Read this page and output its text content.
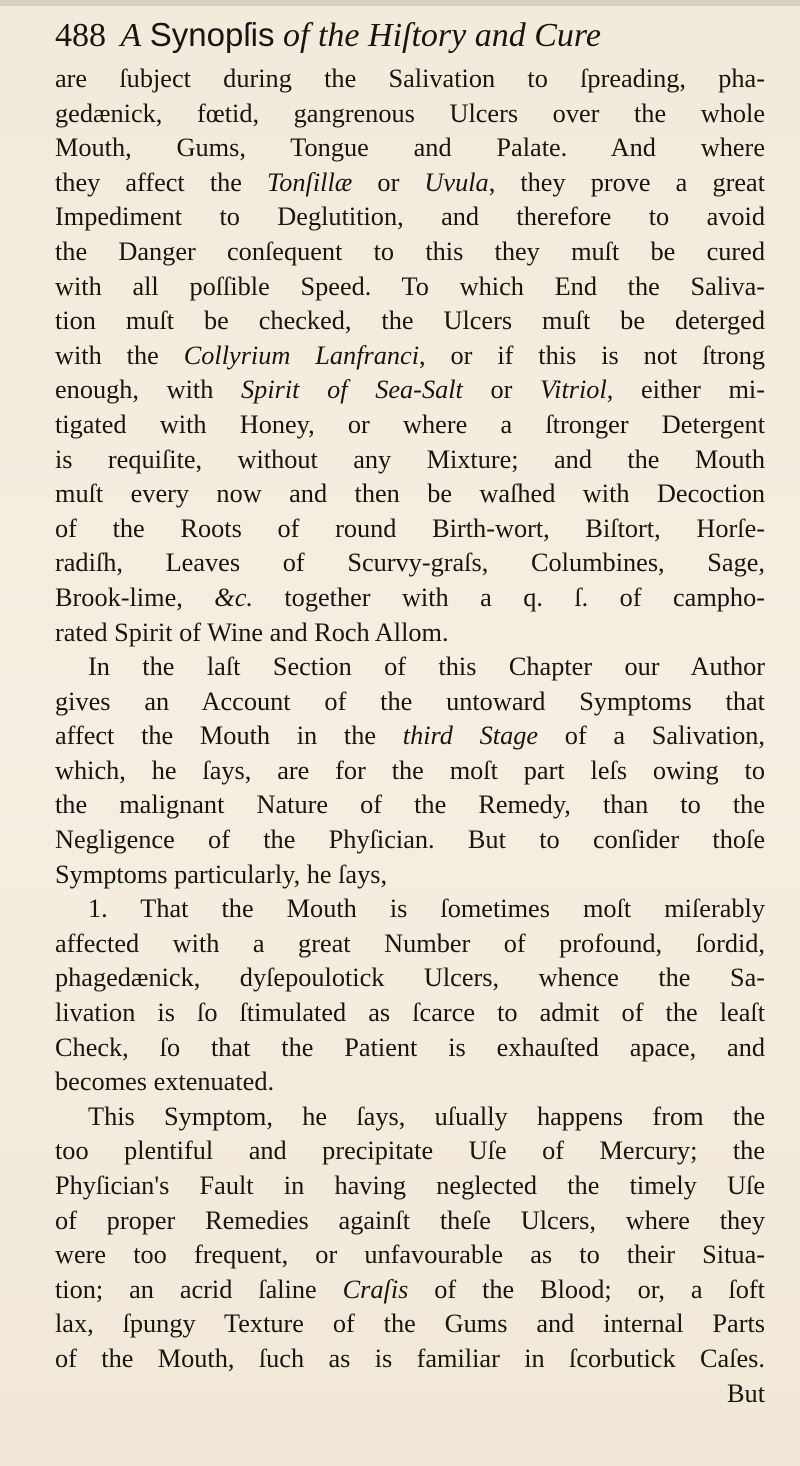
488 A Synopſis of the Hiſtory and Cure
are ſubject during the Salivation to ſpreading, pha-
gedænick, fœtid, gangrenous Ulcers over the whole
Mouth, Gums, Tongue and Palate. And where
they affect the Tonſillæ or Uvula, they prove a great
Impediment to Deglutition, and therefore to avoid
the Danger conſequent to this they muſt be cured
with all poſſible Speed. To which End the Saliva-
tion muſt be checked, the Ulcers muſt be deterged
with the Collyrium Lanfranci, or if this is not ſtrong
enough, with Spirit of Sea-Salt or Vitriol, either mi-
tigated with Honey, or where a ſtronger Detergent
is requiſite, without any Mixture; and the Mouth
muſt every now and then be waſhed with Decoction
of the Roots of round Birth-wort, Biſtort, Horſe-
radiſh, Leaves of Scurvy-graſs, Columbines, Sage,
Brook-lime, &c. together with a q. ſ. of campho-
rated Spirit of Wine and Roch Allom.
In the laſt Section of this Chapter our Author
gives an Account of the untoward Symptoms that
affect the Mouth in the third Stage of a Salivation,
which, he ſays, are for the moſt part leſs owing to
the malignant Nature of the Remedy, than to the
Negligence of the Phyſician. But to conſider thoſe
Symptoms particularly, he ſays,
1. That the Mouth is ſometimes moſt miſerably
affected with a great Number of profound, ſordid,
phagedænick, dyſepoulotick Ulcers, whence the Sa-
livation is ſo ſtimulated as ſcarce to admit of the leaſt
Check, ſo that the Patient is exhauſted apace, and
becomes extenuated.
This Symptom, he ſays, uſually happens from the
too plentiful and precipitate Uſe of Mercury; the
Phyſician's Fault in having neglected the timely Uſe
of proper Remedies againſt theſe Ulcers, where they
were too frequent, or unfavourable as to their Situa-
tion; an acrid ſaline Craſis of the Blood; or, a ſoft
lax, ſpungy Texture of the Gums and internal Parts
of the Mouth, ſuch as is familiar in ſcorbutick Caſes.
But
